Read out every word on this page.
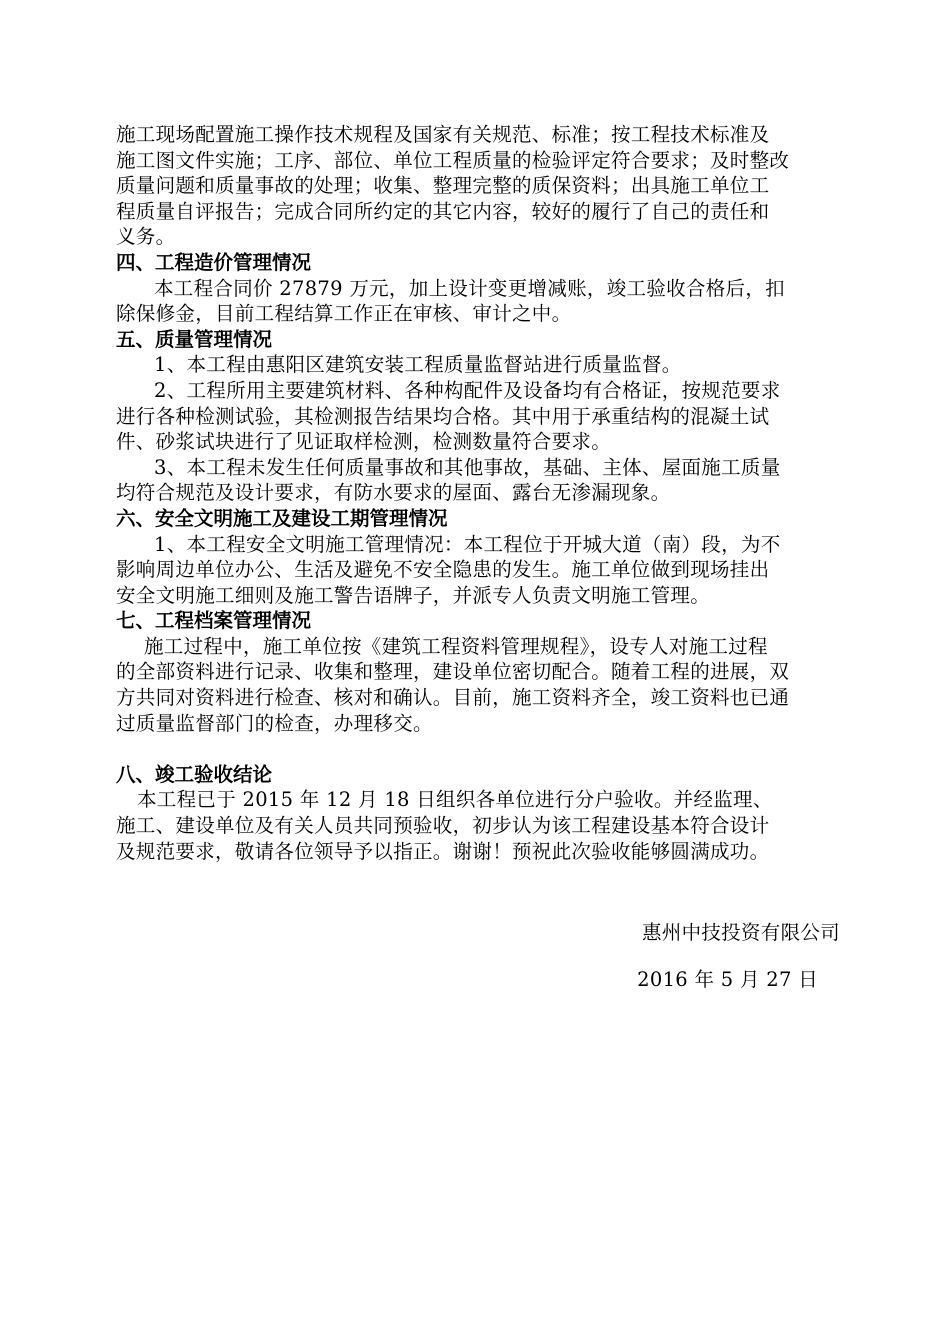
施工现场配置施工操作技术规程及国家有关规范、标准；按工程技术标准及
施工图文件实施；工序、部位、单位工程质量的检验评定符合要求；及时整改
质量问题和质量事故的处理；收集、整理完整的质保资料；出具施工单位工
程质量自评报告；完成合同所约定的其它内容，较好的履行了自己的责任和
义务。
四、工程造价管理情况
本工程合同价 27879 万元，加上设计变更增减账，竣工验收合格后，扣
除保修金，目前工程结算工作正在审核、审计之中。
五、质量管理情况
1、本工程由惠阳区建筑安装工程质量监督站进行质量监督。
2、工程所用主要建筑材料、各种构配件及设备均有合格证，按规范要求
进行各种检测试验，其检测报告结果均合格。其中用于承重结构的混凝土试
件、砂浆试块进行了见证取样检测，检测数量符合要求。
3、本工程未发生任何质量事故和其他事故，基础、主体、屋面施工质量
均符合规范及设计要求，有防水要求的屋面、露台无渗漏现象。
六、安全文明施工及建设工期管理情况
1、本工程安全文明施工管理情况：本工程位于开城大道（南）段，为不
影响周边单位办公、生活及避免不安全隐患的发生。施工单位做到现场挂出
安全文明施工细则及施工警告语牌子，并派专人负责文明施工管理。
七、工程档案管理情况
施工过程中，施工单位按《建筑工程资料管理规程》，设专人对施工过程
的全部资料进行记录、收集和整理，建设单位密切配合。随着工程的进展，双
方共同对资料进行检查、核对和确认。目前，施工资料齐全，竣工资料也已通
过质量监督部门的检查，办理移交。
八、竣工验收结论
本工程已于 2015 年 12 月 18 日组织各单位进行分户验收。并经监理、
施工、建设单位及有关人员共同预验收，初步认为该工程建设基本符合设计
及规范要求，敬请各位领导予以指正。谢谢！预祝此次验收能够圆满成功。
惠州中技投资有限公司
2016 年 5 月 27 日
